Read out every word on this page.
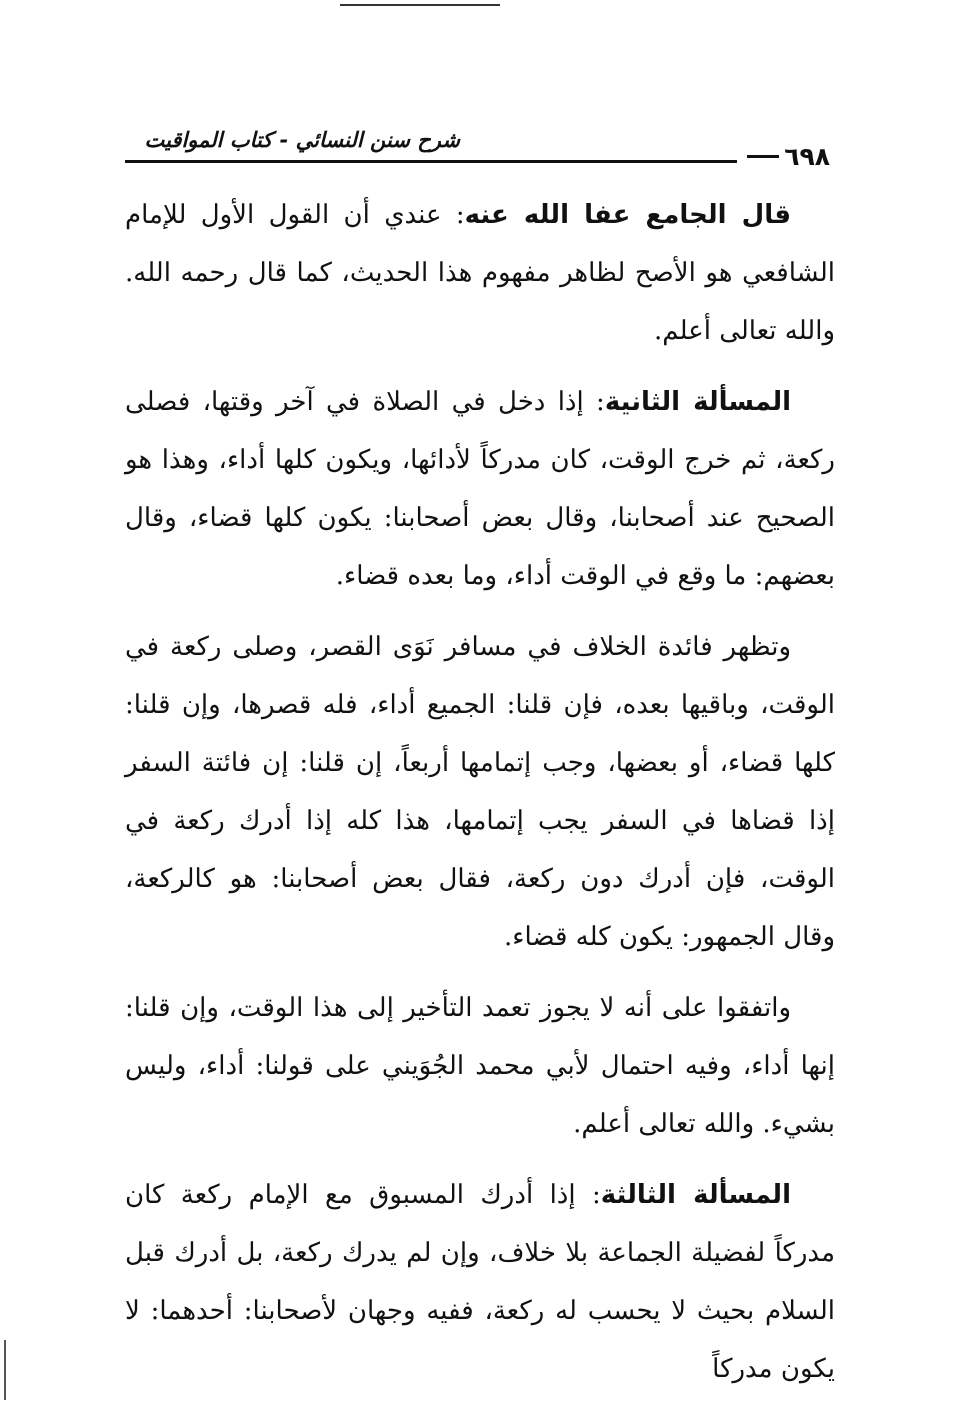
شرح سنن النسائي - كتاب المواقيت
٦٩٨

قال الجامع عفا الله عنه: عندي أن القول الأول للإمام الشافعي هو الأصح لظاهر مفهوم هذا الحديث، كما قال رحمه الله. والله تعالى أعلم.

المسألة الثانية: إذا دخل في الصلاة في آخر وقتها، فصلى ركعة، ثم خرج الوقت، كان مدركاً لأدائها، ويكون كلها أداء، وهذا هو الصحيح عند أصحابنا، وقال بعض أصحابنا: يكون كلها قضاء، وقال بعضهم: ما وقع في الوقت أداء، وما بعده قضاء.

وتظهر فائدة الخلاف في مسافر نَوَى القصر، وصلى ركعة في الوقت، وباقيها بعده، فإن قلنا: الجميع أداء، فله قصرها، وإن قلنا: كلها قضاء، أو بعضها، وجب إتمامها أربعاً، إن قلنا: إن فائتة السفر إذا قضاها في السفر يجب إتمامها، هذا كله إذا أدرك ركعة في الوقت، فإن أدرك دون ركعة، فقال بعض أصحابنا: هو كالركعة، وقال الجمهور: يكون كله قضاء.

واتفقوا على أنه لا يجوز تعمد التأخير إلى هذا الوقت، وإن قلنا: إنها أداء، وفيه احتمال لأبي محمد الجُوَيني على قولنا: أداء، وليس بشيء. والله تعالى أعلم.

المسألة الثالثة: إذا أدرك المسبوق مع الإمام ركعة كان مدركاً لفضيلة الجماعة بلا خلاف، وإن لم يدرك ركعة، بل أدرك قبل السلام بحيث لا يحسب له ركعة، ففيه وجهان لأصحابنا: أحدهما: لا يكون مدركاً
